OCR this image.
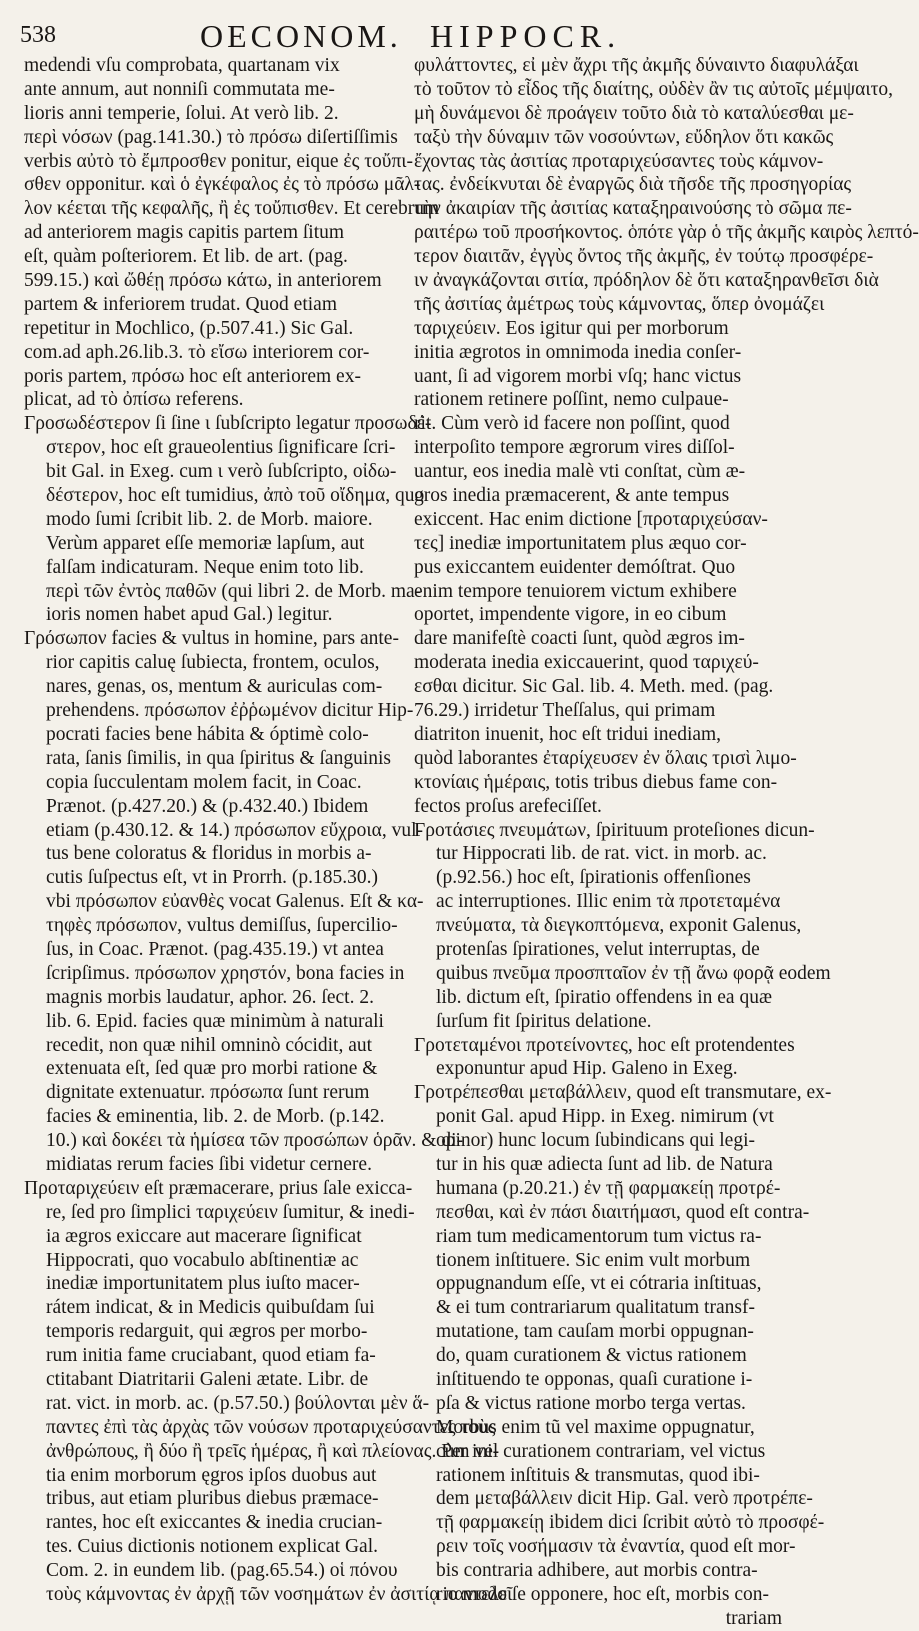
538	OECONOM. HIPPOCR.
medendi vſu comprobata, quartanam vix
ante annum, aut nonniſi commutata me-
lioris anni temperie, ſolui. At verò lib. 2.
περὶ νόσων (pag.141.30.) τὸ πρόσω diſertiſſimis
verbis αὐτὸ τὸ ἔμπροσθεν ponitur, eique ἐς τοὔπι-
σθεν opponitur. καὶ ὁ ἐγκέφαλος ἐς τὸ πρόσω μᾶλ-
λον κέεται τῆς κεφαλῆς, ἢ ἐς τοὔπισθεν. Et cerebrum
ad anteriorem magis capitis partem ſitum
eſt, quàm poſteriorem. Et lib. de art. (pag.
599.15.) καὶ ὤθέῃ πρόσω κάτω, in anteriorem
partem & inferiorem trudat. Quod etiam
repetitur in Mochlico, (p.507.41.) Sic Gal.
com.ad aph.26.lib.3. τὸ εἴσω interiorem cor-
poris partem, πρόσω hoc eſt anteriorem ex-
plicat, ad τὸ ὀπίσω referens.
Γροσωδέστερον ſi ſine ι ſubſcripto legatur προσωδέ-
στερον, hoc eſt graueolentius ſignificare ſcri-
bit Gal. in Exeg. cum ι verò ſubſcripto, οἰδω-
δέστερον, hoc eſt tumidius, ἀπὸ τοῦ οἴδημα, quo
modo ſumi ſcribit lib. 2. de Morb. maiore.
Verùm apparet eſſe memoriæ lapſum, aut
falſam indicaturam. Neque enim toto lib.
περὶ τῶν ἐντὸς παθῶν (qui libri 2. de Morb. ma-
ioris nomen habet apud Gal.) legitur.
Γρόσωπον facies & vultus in homine, pars ante-
rior capitis caluę ſubiecta, frontem, oculos,
nares, genas, os, mentum & auriculas com-
prehendens. πρόσωπον ἐῤῥωμένον dicitur Hip-
pocrati facies bene hábita & óptimè colo-
rata, ſanis ſimilis, in qua ſpiritus & ſanguinis
copia ſucculentam molem facit, in Coac.
Prænot. (p.427.20.) & (p.432.40.) Ibidem
etiam (p.430.12. & 14.) πρόσωπον εὔχροια, vul-
tus bene coloratus & floridus in morbis a-
cutis ſuſpectus eſt, vt in Prorrh. (p.185.30.)
vbi πρόσωπον εὐανθὲς vocat Galenus. Eſt & κα-
τηφὲς πρόσωπον, vultus demiſſus, ſupercilio-
ſus, in Coac. Prænot. (pag.435.19.) vt antea
ſcripſimus. πρόσωπον χρηστόν, bona facies in
magnis morbis laudatur, aphor. 26. ſect. 2.
lib. 6. Epid. facies quæ minimùm à naturali
recedit, non quæ nihil omninò cócidit, aut
extenuata eſt, ſed quæ pro morbi ratione &
dignitate extenuatur. πρόσωπα ſunt rerum
facies & eminentia, lib. 2. de Morb. (p.142.
10.) καὶ δοκέει τὰ ἡμίσεα τῶν προσώπων ὁρᾶν. & di-
midiatas rerum facies ſibi videtur cernere.
Προταριχεύειν eſt præmacerare, prius ſale exicca-
re, ſed pro ſimplici ταριχεύειν ſumitur, & inedi-
ia ægros exiccare aut macerare ſignificat
Hippocrati, quo vocabulo abſtinentiæ ac
inediæ importunitatem plus iuſto macer-
rátem indicat, & in Medicis quibuſdam ſui
temporis redarguit, qui ægros per morbo-
rum initia fame cruciabant, quod etiam fa-
ctitabant Diatritarii Galeni ætate. Libr. de
rat. vict. in morb. ac. (p.57.50.) βούλονται μὲν ἅ-
παντες ἐπὶ τὰς ἀρχὰς τῶν νούσων προταριχεύσαντες τοὺς
ἀνθρώπους, ἢ δύο ἢ τρεῖς ἡμέρας, ἢ καὶ πλείονας. Per ini-
tia enim morborum ęgros ipſos duobus aut
tribus, aut etiam pluribus diebus præmace-
rantes, hoc eſt exiccantes & inedia crucian-
tes. Cuius dictionis notionem explicat Gal.
Com. 2. in eundem lib. (pag.65.54.) οἱ πόνου
τοὺς κάμνοντας ἐν ἀρχῇ τῶν νοσημάτων ἐν ἀσιτίᾳ παντελεῖ
φυλάττοντες, εἰ μὲν ἄχρι τῆς ἀκμῆς δύναιντο διαφυλάξαι
τὸ τοῦτον τὸ εἶδος τῆς διαίτης, οὐδὲν ἂν τις αὐτοῖς μέμψαιτο,
μὴ δυνάμενοι δὲ προάγειν τοῦτο διὰ τὸ καταλύεσθαι με-
ταξὺ τὴν δύναμιν τῶν νοσούντων, εὔδηλον ὅτι κακῶς
ἔχοντας τὰς ἀσιτίας προταριχεύσαντες τοὺς κάμνον-
τας. ἐνδείκνυται δὲ ἐναργῶς διὰ τῆσδε τῆς προσηγορίας
τὴν ἀκαιρίαν τῆς ἀσιτίας καταξηραινούσης τὸ σῶμα πε-
ραιτέρω τοῦ προσήκοντος. ὁπότε γὰρ ὁ τῆς ἀκμῆς καιρὸς λεπτό-
τερον διαιτᾶν, ἐγγὺς ὄντος τῆς ἀκμῆς, ἐν τούτῳ προσφέρε-
ιν ἀναγκάζονται σιτία, πρόδηλον δὲ ὅτι καταξηρανθεῖσι διὰ
τῆς ἀσιτίας ἀμέτρως τοὺς κάμνοντας, ὅπερ ὀνομάζει
ταριχεύειν. Eos igitur qui per morborum
initia ægrotos in omnimoda inedia conſer-
uant, ſi ad vigorem morbi vſq; hanc victus
rationem retinere poſſint, nemo culpaue-
rit. Cùm verò id facere non poſſint, quod
interpoſito tempore ægrorum vires diſſol-
uantur, eos inedia malè vti conſtat, cùm æ-
gros inedia præmacerent, & ante tempus
exiccent. Hac enim dictione [προταριχεύσαν-
τες] inediæ importunitatem plus æquo cor-
pus exiccantem euidenter demóſtrat. Quo
enim tempore tenuiorem victum exhibere
oportet, impendente vigore, in eo cibum
dare manifeſtè coacti ſunt, quòd ægros im-
moderata inedia exiccauerint, quod ταριχεύ-
εσθαι dicitur. Sic Gal. lib. 4. Meth. med. (pag.
76.29.) irridetur Theſſalus, qui primam
diatriton inuenit, hoc eſt tridui inediam,
quòd laborantes ἐταρίχευσεν ἐν ὅλαις τρισὶ λιμο-
κτονίαις ἡμέραις, totis tribus diebus fame con-
fectos proſus arefeciſſet.
Γροτάσιες πνευμάτων, ſpirituum proteſiones dicun-
tur Hippocrati lib. de rat. vict. in morb. ac.
(p.92.56.) hoc eſt, ſpirationis offenſiones
ac interruptiones. Illic enim τὰ προτεταμένα
πνεύματα, τὰ διεγκοπτόμενα, exponit Galenus,
protenſas ſpirationes, velut interruptas, de
quibus πνεῦμα προσπταῖον ἐν τῇ ἄνω φορᾷ eodem
lib. dictum eſt, ſpiratio offendens in ea quæ
ſurſum fit ſpiritus delatione.
Γροτεταμένοι προτείνοντες, hoc eſt protendentes
exponuntur apud Hip. Galeno in Exeg.
Γροτρέπεσθαι μεταβάλλειν, quod eſt transmutare, ex-
ponit Gal. apud Hipp. in Exeg. nimirum (vt
opinor) hunc locum ſubindicans qui legi-
tur in his quæ adiecta ſunt ad lib. de Natura
humana (p.20.21.) ἐν τῇ φαρμακείῃ προτρέ-
πεσθαι, καὶ ἐν πάσι διαιτήμασι, quod eſt contra-
riam tum medicamentorum tum victus ra-
tionem inſtituere. Sic enim vult morbum
oppugnandum eſſe, vt ei cótraria inſtituas,
& ei tum contrariarum qualitatum transf-
mutatione, tam cauſam morbi oppugnan-
do, quam curationem & victus rationem
inſtituendo te opponas, quaſi curatione i-
pſa & victus ratione morbo terga vertas.
Morbus enim tũ vel maxime oppugnatur,
cùm vel curationem contrariam, vel victus
rationem inſtituis & transmutas, quod ibi-
dem μεταβάλλειν dicit Hip. Gal. verò προτρέπε-
τῇ φαρμακείῃ ibidem dici ſcribit αὐτὸ τὸ προσφέ-
ρειν τοῖς νοσήμασιν τὰ ἐναντία, quod eſt mor-
bis contraria adhibere, aut morbis contra-
rio modo ſe opponere, hoc eſt, morbis con-
trariam
